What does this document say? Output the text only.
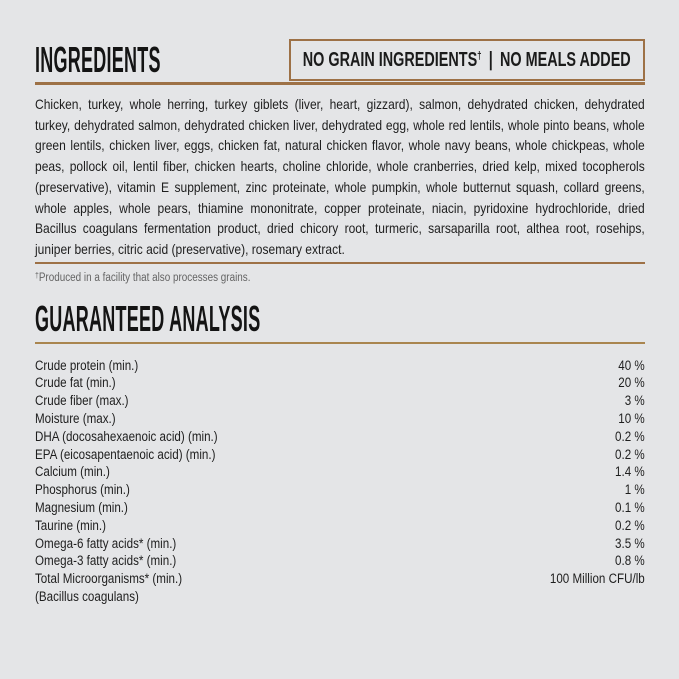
INGREDIENTS	NO GRAIN INGREDIENTS† | NO MEALS ADDED

Chicken, turkey, whole herring, turkey giblets (liver, heart, gizzard), salmon, dehydrated chicken, dehydrated turkey, dehydrated salmon, dehydrated chicken liver, dehydrated egg, whole red lentils, whole pinto beans, whole green lentils, chicken liver, eggs, chicken fat, natural chicken flavor, whole navy beans, whole chickpeas, whole peas, pollock oil, lentil fiber, chicken hearts, choline chloride, whole cranberries, dried kelp, mixed tocopherols (preservative), vitamin E supplement, zinc proteinate, whole pumpkin, whole butternut squash, collard greens, whole apples, whole pears, thiamine mononitrate, copper proteinate, niacin, pyridoxine hydrochloride, dried Bacillus coagulans fermentation product, dried chicory root, turmeric, sarsaparilla root, althea root, rosehips, juniper berries, citric acid (preservative), rosemary extract.

†Produced in a facility that also processes grains.

GUARANTEED ANALYSIS
Crude protein (min.)	40 %
Crude fat (min.)	20 %
Crude fiber (max.)	3 %
Moisture (max.)	10 %
DHA (docosahexaenoic acid) (min.)	0.2 %
EPA (eicosapentaenoic acid) (min.)	0.2 %
Calcium (min.)	1.4 %
Phosphorus (min.)	1 %
Magnesium (min.)	0.1 %
Taurine (min.)	0.2 %
Omega-6 fatty acids* (min.)	3.5 %
Omega-3 fatty acids* (min.)	0.8 %
Total Microorganisms* (min.)	100 Million CFU/lb
(Bacillus coagulans)
